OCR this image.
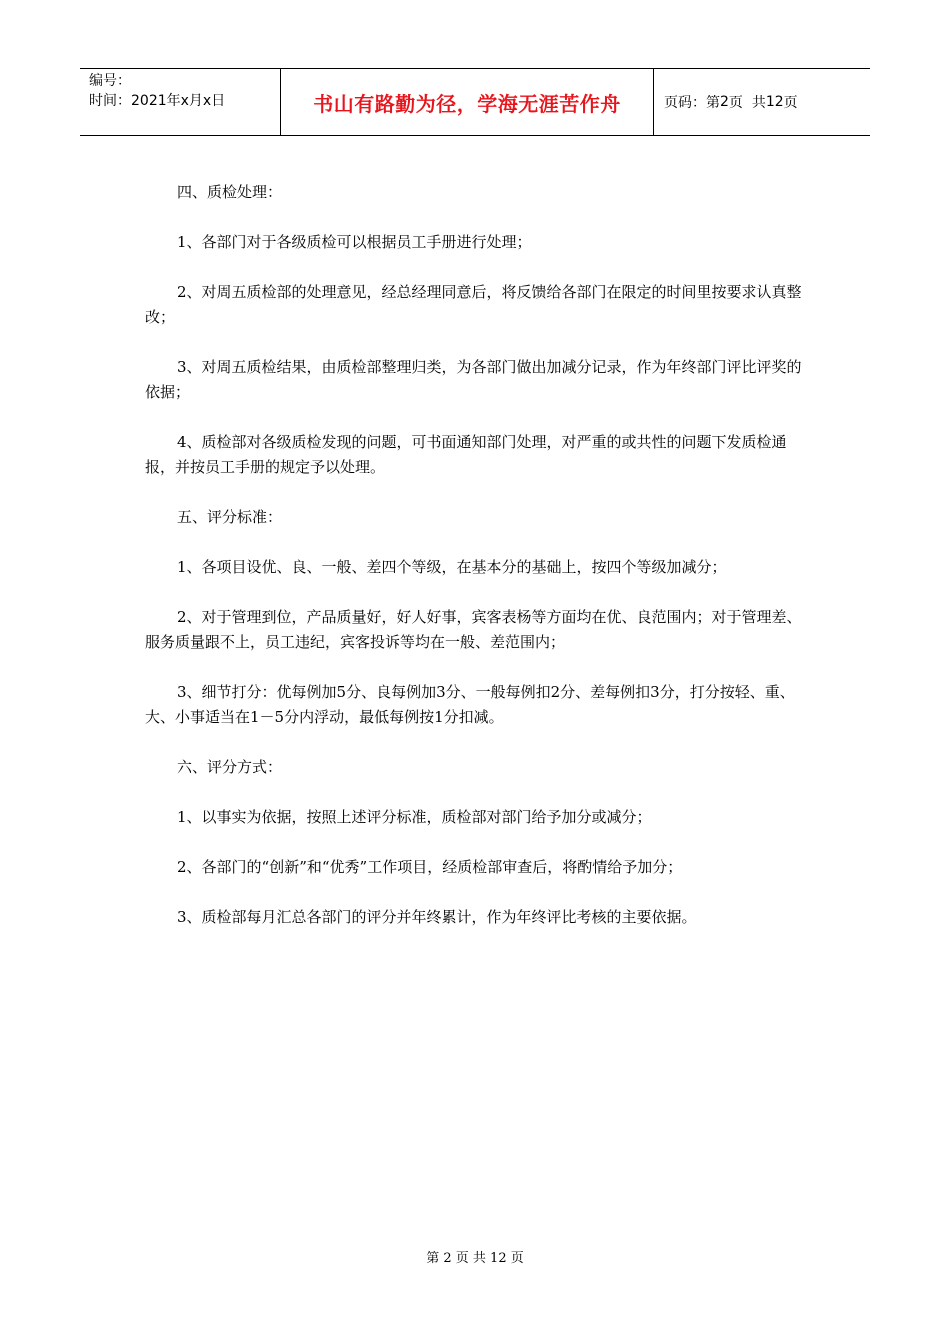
编号：
时间：2021年x月x日	书山有路勤为径，学海无涯苦作舟	页码：第 2 页  共 12 页

四、质检处理：

1、各部门对于各级质检可以根据员工手册进行处理；

2、对周五质检部的处理意见，经总经理同意后，将反馈给各部门在限定的时间里按要求认真整改；

3、对周五质检结果，由质检部整理归类，为各部门做出加减分记录，作为年终部门评比评奖的依据；

4、质检部对各级质检发现的问题，可书面通知部门处理，对严重的或共性的问题下发质检通报，并按员工手册的规定予以处理。

五、评分标准：

1、各项目设优、良、一般、差四个等级，在基本分的基础上，按四个等级加减分；

2、对于管理到位，产品质量好，好人好事，宾客表杨等方面均在优、良范围内；对于管理差、服务质量跟不上，员工违纪，宾客投诉等均在一般、差范围内；

3、细节打分：优每例加5分、良每例加3分、一般每例扣2分、差每例扣3分，打分按轻、重、大、小事适当在1－5分内浮动，最低每例按1分扣减。

六、评分方式：

1、以事实为依据，按照上述评分标准，质检部对部门给予加分或减分；

2、各部门的“创新”和“优秀”工作项目，经质检部审查后，将酌情给予加分；

3、质检部每月汇总各部门的评分并年终累计，作为年终评比考核的主要依据。

第 2 页 共 12 页
